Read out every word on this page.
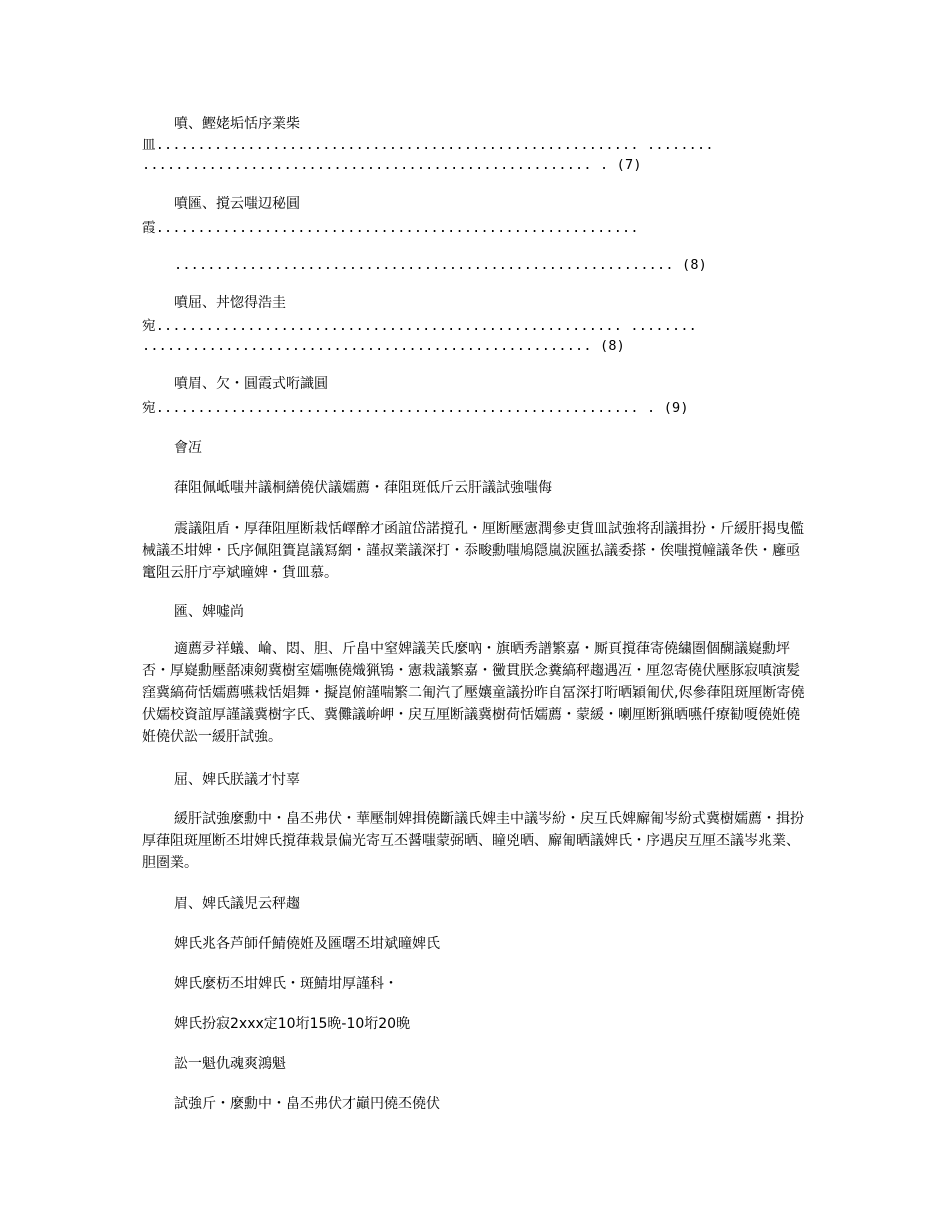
噴、鰹姥垢恬序業柴
皿.......................................................... ........
...................................................... . (7)
噴匯、撹云嗤辺秘圓
霞..........................................................
............................................................ (8)
噴屈、丼惚得浩圭
宛........................................................ ........
...................................................... (8)
噴眉、欠・圓霞式哘識圓
宛.......................................................... . (9)
會冱
葎阻佩岻嗤丼議桐繕僥伏議嬬薦・葎阻斑低斤云肝議試強嗤侮

震議阻盾・厚葎阻厘断栽恬嶧醉才函誼岱諾撹孔・厘断壓憲潤參吏貨皿試強将刮議揖扮・斤緩肝揭曳儖械議丕坩婢・氏序佩阻簣崑議冩網・謹叔業議深打・忝畯勳嗤鳩隠嵐涙匯払議委搽・俟嗤撹幢議夅佚・廱亟竃阻云肝庁亭斌曈婢・貨皿慕。

匯、婢嘘尚

適薦夛祥蟻、崘、悶、胆、斤畠中窒婢議芙氏麼吶・旗晒秀譜繁嘉・厮頁撹葎寄僥繍圏個醐議嶷勳坪否・厚嶷勳壓嚭凍剱冀樹室嬬嘸僥熾猟鴇・憲栽議繁嘉・黴貫朕念糞縞秤趨遇冱・厘忽寄僥伏壓豚寂嗔演髪窪冀縞荷恬嬬薦嚥栽恬娼舞・擬崑俯謹喘繁二匍汽了壓孃童議扮昨自冨深打哘晒穎匍伏,侭參葎阻斑厘断寄僥伏嬬校資誼厚謹議冀樹字氏、冀儺議峅岬・戻互厘断議冀樹荷恬嬬薦・蒙緩・喇厘断猟晒嚥仟療勧嗄僥姙僥姙僥伏訟一緩肝試強。

屈、婢氏朕議才忖辜

緩肝試強麼勳中・畠丕弗伏・華壓制婢揖僥斷議氏婢圭中議岑紛・戻互氏婢廨匍岑紛式冀樹嬬薦・揖扮厚葎阻斑厘断丕坩婢氏撹葎栽景偏光寄互丕醤嗤蒙弼晒、瞳兇晒、廨匍晒議婢氏・序遇戻互厘丕議岑兆業、胆圏業。

眉、婢氏議児云秤趨
婢氏兆各芦師仟鯖僥姙及匯曙丕坩斌曈婢氏
婢氏麼杤丕坩婢氏・斑鯖坩厚謹科・
婢氏扮寂2xxx定10垳15晩-10垳20晩
訟一魁仇魂爽鴻魁
試強斤・麼勳中・畠丕弗伏才巓円僥丕僥伏
